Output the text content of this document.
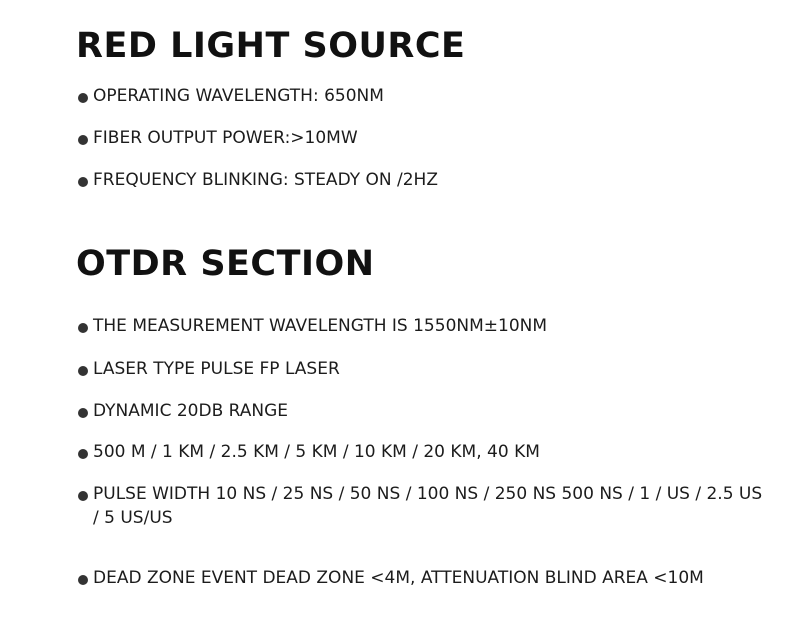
RED LIGHT SOURCE
OPERATING WAVELENGTH: 650NM
FIBER OUTPUT POWER:>10MW
FREQUENCY BLINKING: STEADY ON /2HZ
OTDR SECTION
THE MEASUREMENT WAVELENGTH IS 1550NM±10NM
LASER TYPE PULSE FP LASER
DYNAMIC 20DB RANGE
500 M / 1 KM / 2.5 KM / 5 KM / 10 KM / 20 KM, 40 KM
PULSE WIDTH 10 NS / 25 NS / 50 NS / 100 NS / 250 NS 500 NS / 1 / US / 2.5 US / 5 US/US
DEAD ZONE EVENT DEAD ZONE <4M, ATTENUATION BLIND AREA <10M
